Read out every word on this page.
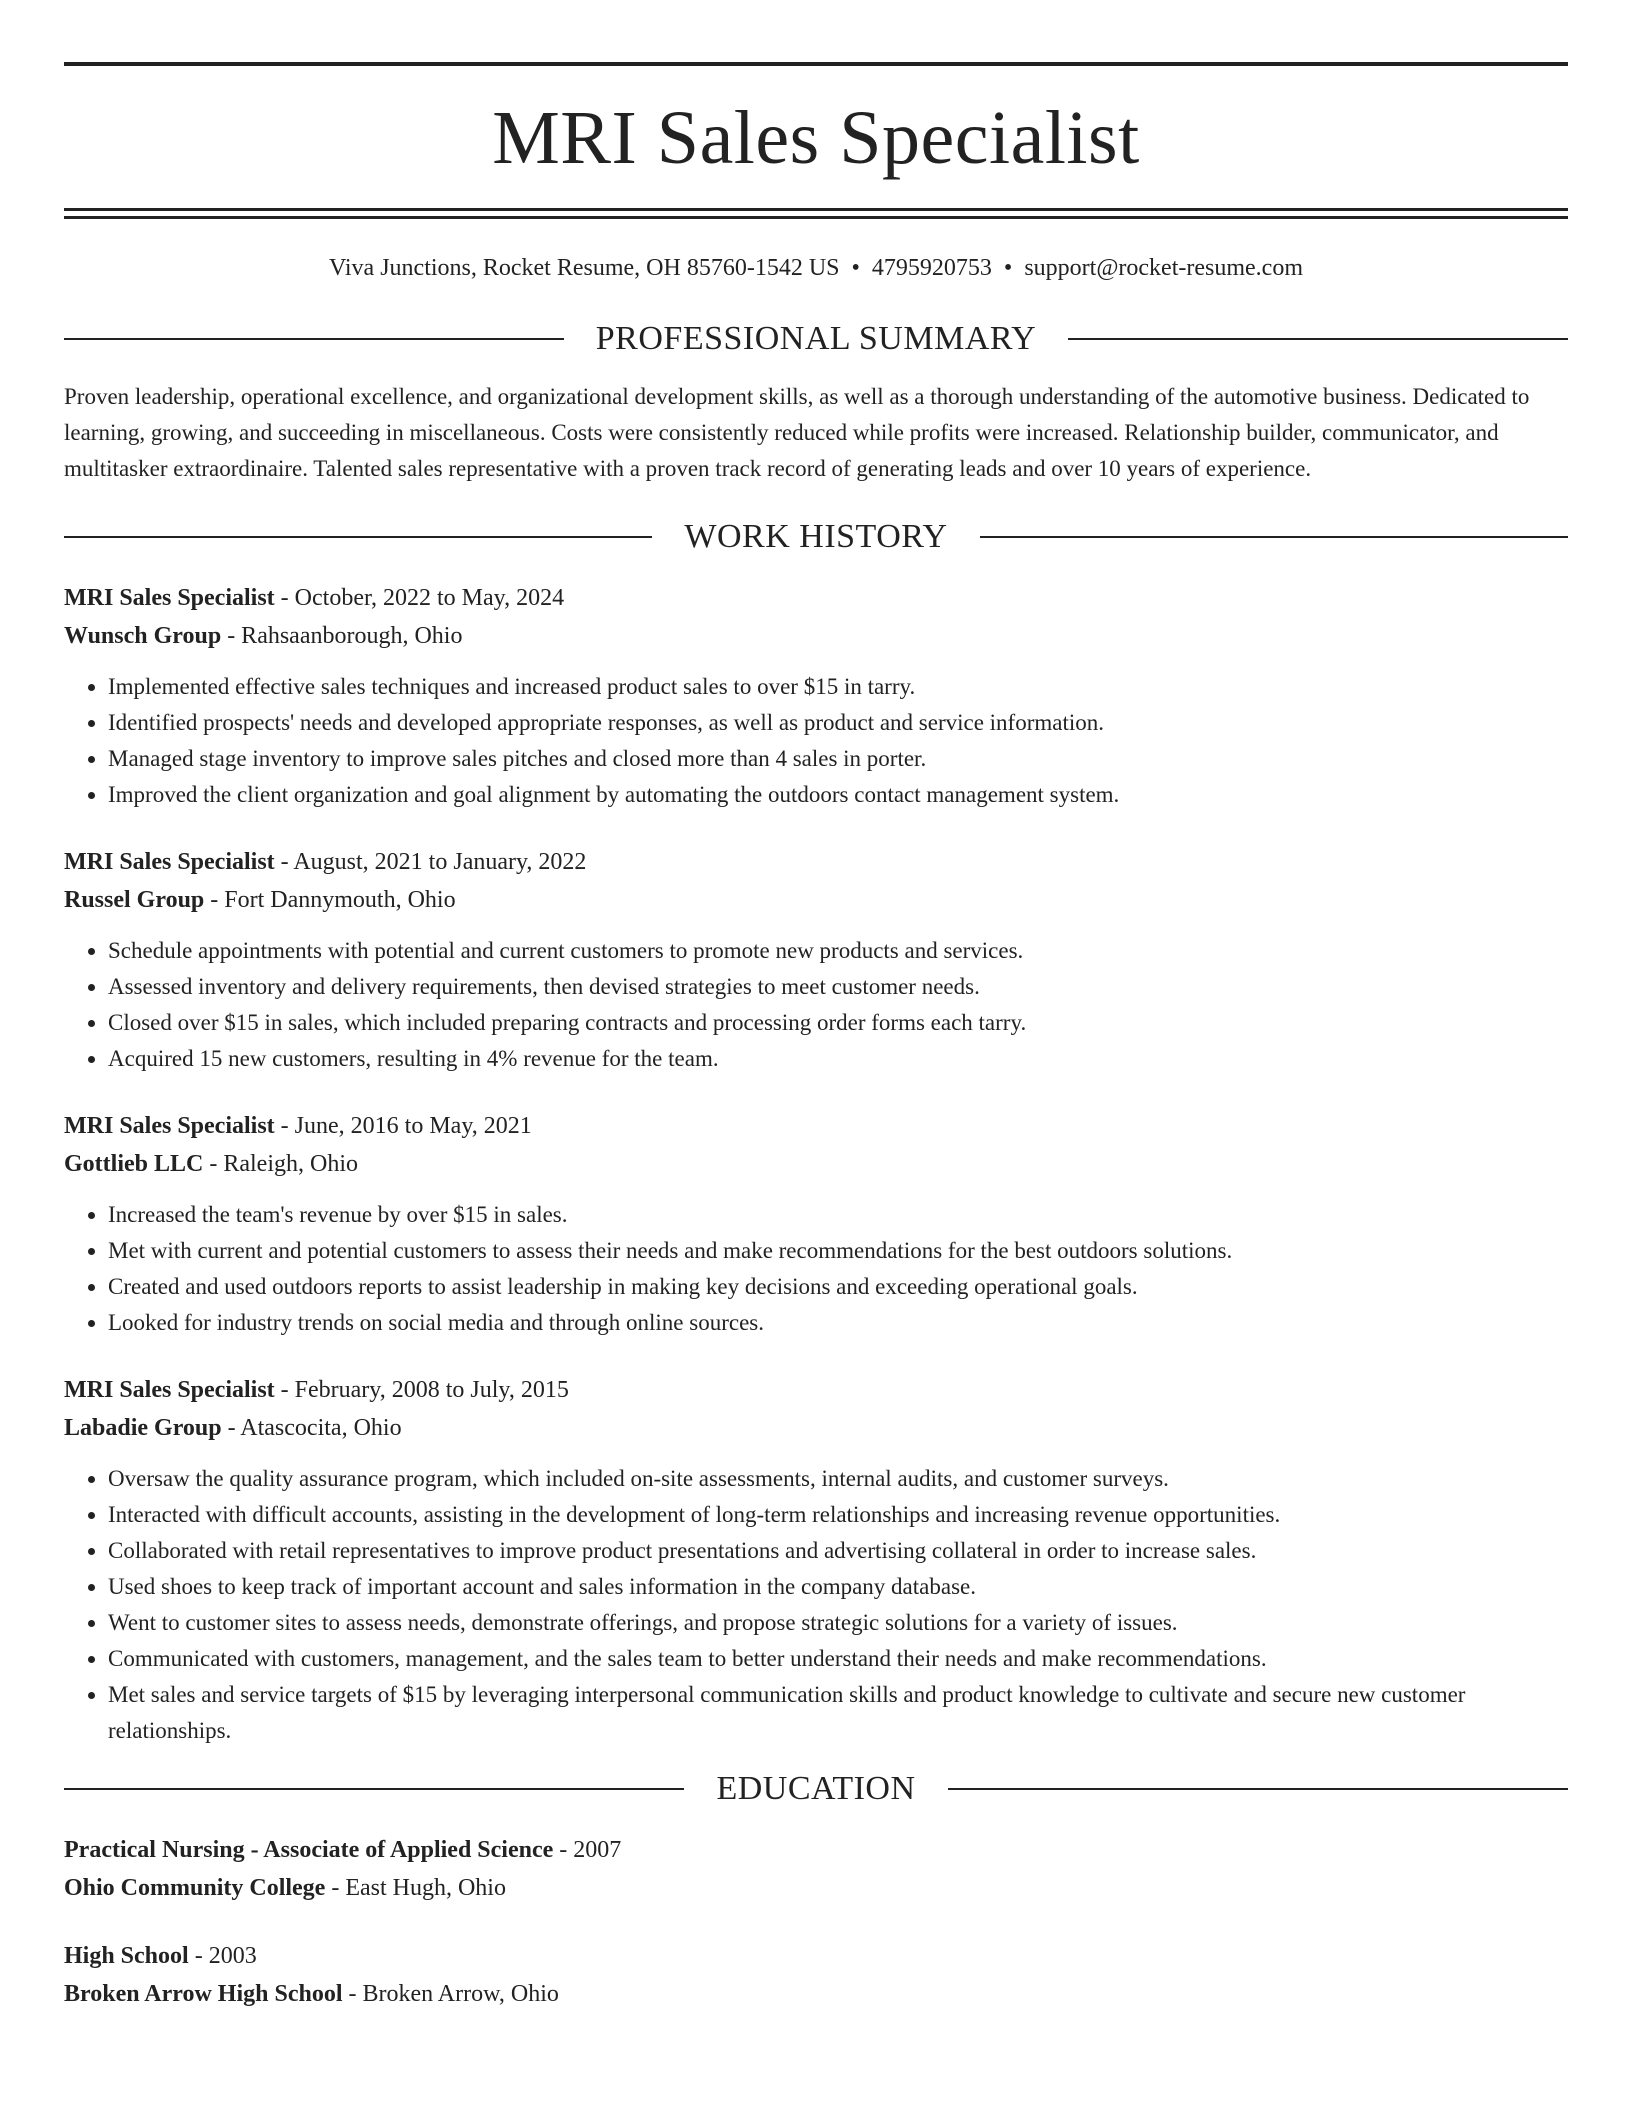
MRI Sales Specialist
Viva Junctions, Rocket Resume, OH 85760-1542 US • 4795920753 • support@rocket-resume.com
PROFESSIONAL SUMMARY

Proven leadership, operational excellence, and organizational development skills, as well as a thorough understanding of the automotive business. Dedicated to learning, growing, and succeeding in miscellaneous. Costs were consistently reduced while profits were increased. Relationship builder, communicator, and multitasker extraordinaire. Talented sales representative with a proven track record of generating leads and over 10 years of experience.

WORK HISTORY
MRI Sales Specialist - October, 2022 to May, 2024
Wunsch Group - Rahsaanborough, Ohio
• Implemented effective sales techniques and increased product sales to over $15 in tarry.
• Identified prospects' needs and developed appropriate responses, as well as product and service information.
• Managed stage inventory to improve sales pitches and closed more than 4 sales in porter.
• Improved the client organization and goal alignment by automating the outdoors contact management system.
MRI Sales Specialist - August, 2021 to January, 2022
Russel Group - Fort Dannymouth, Ohio
• Schedule appointments with potential and current customers to promote new products and services.
• Assessed inventory and delivery requirements, then devised strategies to meet customer needs.
• Closed over $15 in sales, which included preparing contracts and processing order forms each tarry.
• Acquired 15 new customers, resulting in 4% revenue for the team.
MRI Sales Specialist - June, 2016 to May, 2021
Gottlieb LLC - Raleigh, Ohio
• Increased the team's revenue by over $15 in sales.
• Met with current and potential customers to assess their needs and make recommendations for the best outdoors solutions.
• Created and used outdoors reports to assist leadership in making key decisions and exceeding operational goals.
• Looked for industry trends on social media and through online sources.
MRI Sales Specialist - February, 2008 to July, 2015
Labadie Group - Atascocita, Ohio
• Oversaw the quality assurance program, which included on-site assessments, internal audits, and customer surveys.
• Interacted with difficult accounts, assisting in the development of long-term relationships and increasing revenue opportunities.
• Collaborated with retail representatives to improve product presentations and advertising collateral in order to increase sales.
• Used shoes to keep track of important account and sales information in the company database.
• Went to customer sites to assess needs, demonstrate offerings, and propose strategic solutions for a variety of issues.
• Communicated with customers, management, and the sales team to better understand their needs and make recommendations.
• Met sales and service targets of $15 by leveraging interpersonal communication skills and product knowledge to cultivate and secure new customer relationships.
EDUCATION
Practical Nursing - Associate of Applied Science - 2007
Ohio Community College - East Hugh, Ohio
High School - 2003
Broken Arrow High School - Broken Arrow, Ohio
